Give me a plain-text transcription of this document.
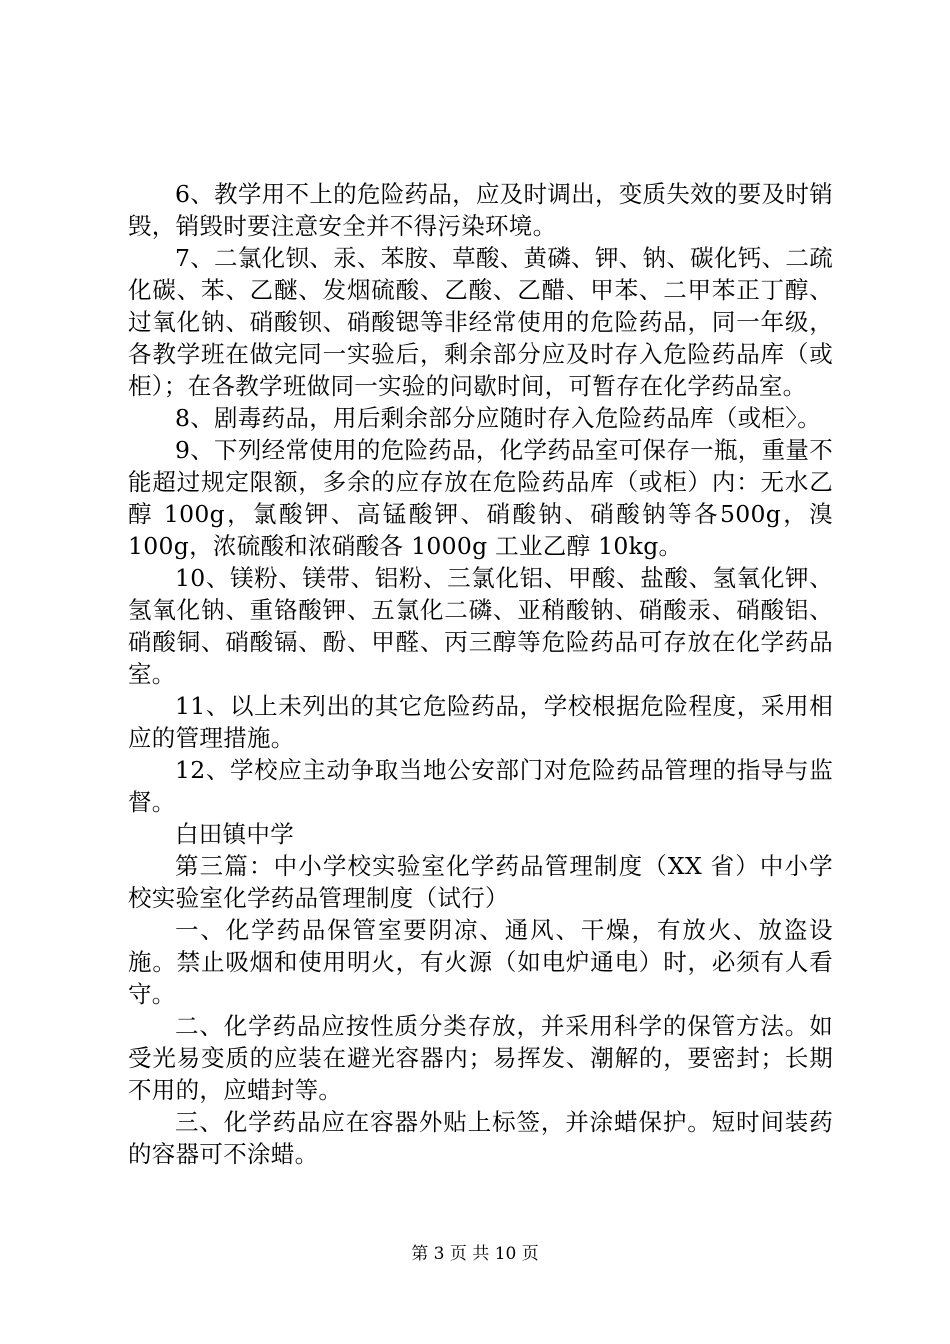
6、教学用不上的危险药品，应及时调出，变质失效的要及时销毁，销毁时要注意安全并不得污染环境。

7、二氯化钡、汞、苯胺、草酸、黄磷、钾、钠、碳化钙、二疏化碳、苯、乙醚、发烟硫酸、乙酸、乙醋、甲苯、二甲苯正丁醇、过氧化钠、硝酸钡、硝酸锶等非经常使用的危险药品，同一年级，各教学班在做完同一实验后，剩余部分应及时存入危险药品库（或柜）；在各教学班做同一实验的问歇时间，可暂存在化学药品室。

8、剧毒药品，用后剩余部分应随时存入危险药品库（或柜〉。

9、下列经常使用的危险药品，化学药品室可保存一瓶，重量不能超过规定限额，多余的应存放在危险药品库（或柜）内：无水乙醇 100g，氯酸钾、高锰酸钾、硝酸钠、硝酸钠等各500g，溴 100g，浓硫酸和浓硝酸各 1000g 工业乙醇 10kg。

10、镁粉、镁带、铝粉、三氯化铝、甲酸、盐酸、氢氧化钾、氢氧化钠、重铬酸钾、五氯化二磷、亚稍酸钠、硝酸汞、硝酸铝、硝酸铜、硝酸镉、酚、甲醛、丙三醇等危险药品可存放在化学药品室。

11、以上未列出的其它危险药品，学校根据危险程度，采用相应的管理措施。

12、学校应主动争取当地公安部门对危险药品管理的指导与监督。

白田镇中学

第三篇：中小学校实验室化学药品管理制度（XX 省）中小学校实验室化学药品管理制度（试行）

一、化学药品保管室要阴凉、通风、干燥，有放火、放盗设施。禁止吸烟和使用明火，有火源（如电炉通电）时，必须有人看守。

二、化学药品应按性质分类存放，并采用科学的保管方法。如受光易变质的应装在避光容器内；易挥发、潮解的，要密封；长期不用的，应蜡封等。

三、化学药品应在容器外贴上标签，并涂蜡保护。短时间装药的容器可不涂蜡。

第 3 页 共 10 页
